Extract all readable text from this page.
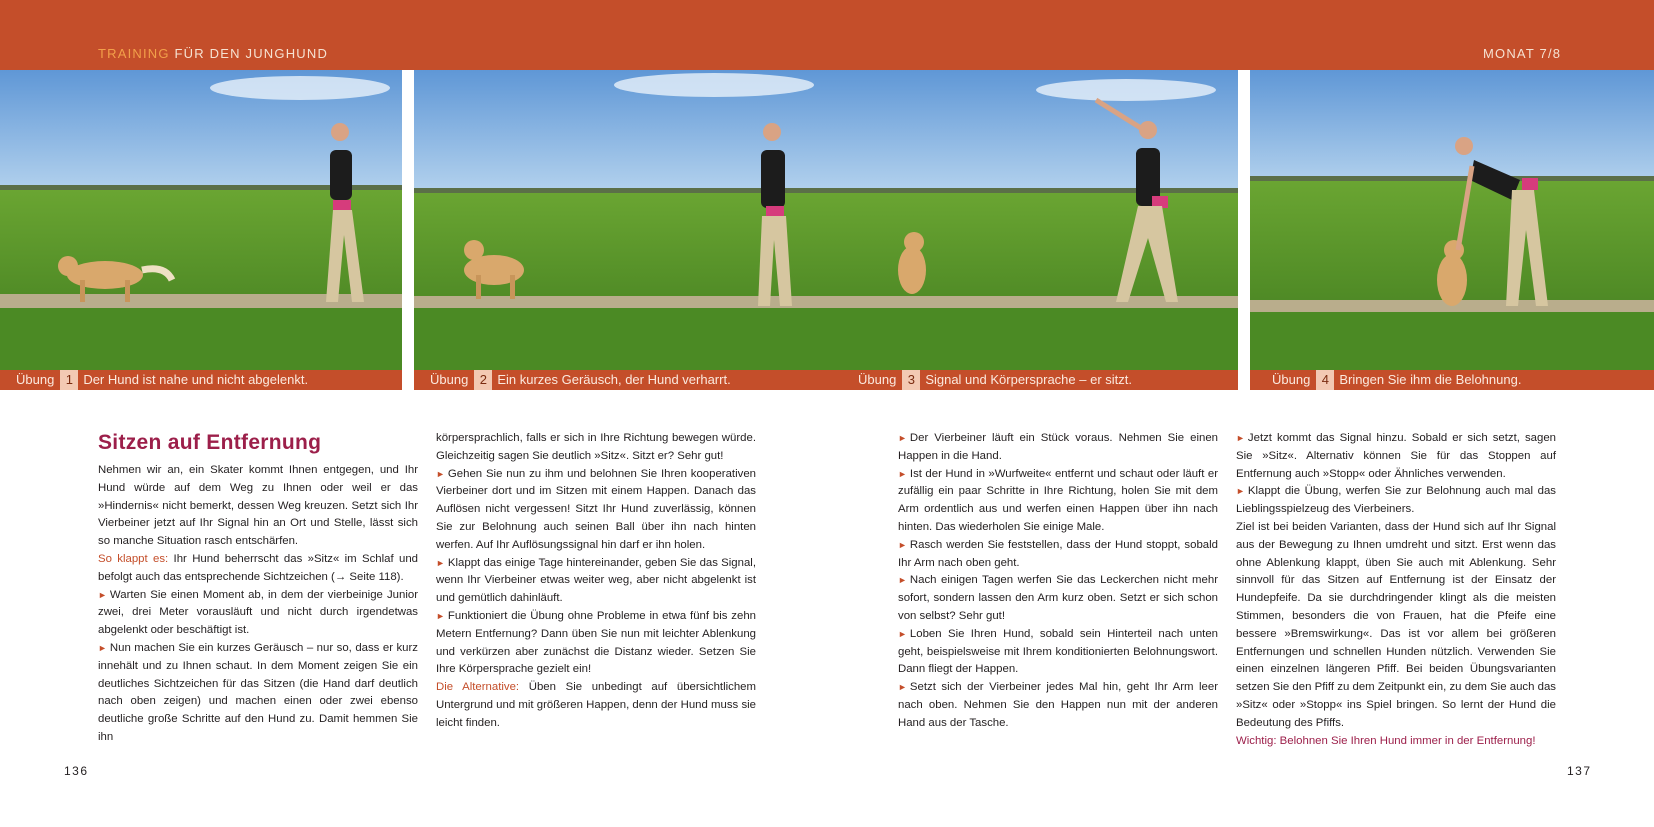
TRAINING FÜR DEN JUNGHUND	MONAT 7/8
Übung 1 Der Hund ist nahe und nicht abgelenkt.	Übung 2 Ein kurzes Geräusch, der Hund verharrt.	Übung 3 Signal und Körpersprache – er sitzt.	Übung 4 Bringen Sie ihm die Belohnung.
Sitzen auf Entfernung

Nehmen wir an, ein Skater kommt Ihnen entgegen, und Ihr Hund würde auf dem Weg zu Ihnen oder weil er das »Hindernis« nicht bemerkt, dessen Weg kreuzen. Setzt sich Ihr Vierbeiner jetzt auf Ihr Signal hin an Ort und Stelle, lässt sich so manche Situation rasch entschärfen.

So klappt es: Ihr Hund beherrscht das »Sitz« im Schlaf und befolgt auch das entsprechende Sichtzeichen (→ Seite 118).

► Warten Sie einen Moment ab, in dem der vierbeinige Junior zwei, drei Meter vorausläuft und nicht durch irgendetwas abgelenkt oder beschäftigt ist.

► Nun machen Sie ein kurzes Geräusch – nur so, dass er kurz innehält und zu Ihnen schaut. In dem Moment zeigen Sie ein deutliches Sichtzeichen für das Sitzen (die Hand darf deutlich nach oben zeigen) und machen einen oder zwei ebenso deutliche große Schritte auf den Hund zu. Damit hemmen Sie ihn

körpersprachlich, falls er sich in Ihre Richtung bewegen würde. Gleichzeitig sagen Sie deutlich »Sitz«. Sitzt er? Sehr gut!

► Gehen Sie nun zu ihm und belohnen Sie Ihren kooperativen Vierbeiner dort und im Sitzen mit einem Happen. Danach das Auflösen nicht vergessen! Sitzt Ihr Hund zuverlässig, können Sie zur Belohnung auch seinen Ball über ihn nach hinten werfen. Auf Ihr Auflösungssignal hin darf er ihn holen.

► Klappt das einige Tage hintereinander, geben Sie das Signal, wenn Ihr Vierbeiner etwas weiter weg, aber nicht abgelenkt ist und gemütlich dahinläuft.

► Funktioniert die Übung ohne Probleme in etwa fünf bis zehn Metern Entfernung? Dann üben Sie nun mit leichter Ablenkung und verkürzen aber zunächst die Distanz wieder. Setzen Sie Ihre Körpersprache gezielt ein!

Die Alternative: Üben Sie unbedingt auf übersichtlichem Untergrund und mit größeren Happen, denn der Hund muss sie leicht finden.

► Der Vierbeiner läuft ein Stück voraus. Nehmen Sie einen Happen in die Hand.

► Ist der Hund in »Wurfweite« entfernt und schaut oder läuft er zufällig ein paar Schritte in Ihre Richtung, holen Sie mit dem Arm ordentlich aus und werfen einen Happen über ihn nach hinten. Das wiederholen Sie einige Male.

► Rasch werden Sie feststellen, dass der Hund stoppt, sobald Ihr Arm nach oben geht.

► Nach einigen Tagen werfen Sie das Leckerchen nicht mehr sofort, sondern lassen den Arm kurz oben. Setzt er sich schon von selbst? Sehr gut!

► Loben Sie Ihren Hund, sobald sein Hinterteil nach unten geht, beispielsweise mit Ihrem konditionierten Belohnungswort. Dann fliegt der Happen.

► Setzt sich der Vierbeiner jedes Mal hin, geht Ihr Arm leer nach oben. Nehmen Sie den Happen nun mit der anderen Hand aus der Tasche.

► Jetzt kommt das Signal hinzu. Sobald er sich setzt, sagen Sie »Sitz«. Alternativ können Sie für das Stoppen auf Entfernung auch »Stopp« oder Ähnliches verwenden.

► Klappt die Übung, werfen Sie zur Belohnung auch mal das Lieblingsspielzeug des Vierbeiners.

Ziel ist bei beiden Varianten, dass der Hund sich auf Ihr Signal aus der Bewegung zu Ihnen umdreht und sitzt. Erst wenn das ohne Ablenkung klappt, üben Sie auch mit Ablenkung. Sehr sinnvoll für das Sitzen auf Entfernung ist der Einsatz der Hundepfeife. Da sie durchdringender klingt als die meisten Stimmen, besonders die von Frauen, hat die Pfeife eine bessere »Bremswirkung«. Das ist vor allem bei größeren Entfernungen und schnellen Hunden nützlich. Verwenden Sie einen einzelnen längeren Pfiff. Bei beiden Übungsvarianten setzen Sie den Pfiff zu dem Zeitpunkt ein, zu dem Sie auch das »Sitz« oder »Stopp« ins Spiel bringen. So lernt der Hund die Bedeutung des Pfiffs.

Wichtig: Belohnen Sie Ihren Hund immer in der Entfernung!

136	137
